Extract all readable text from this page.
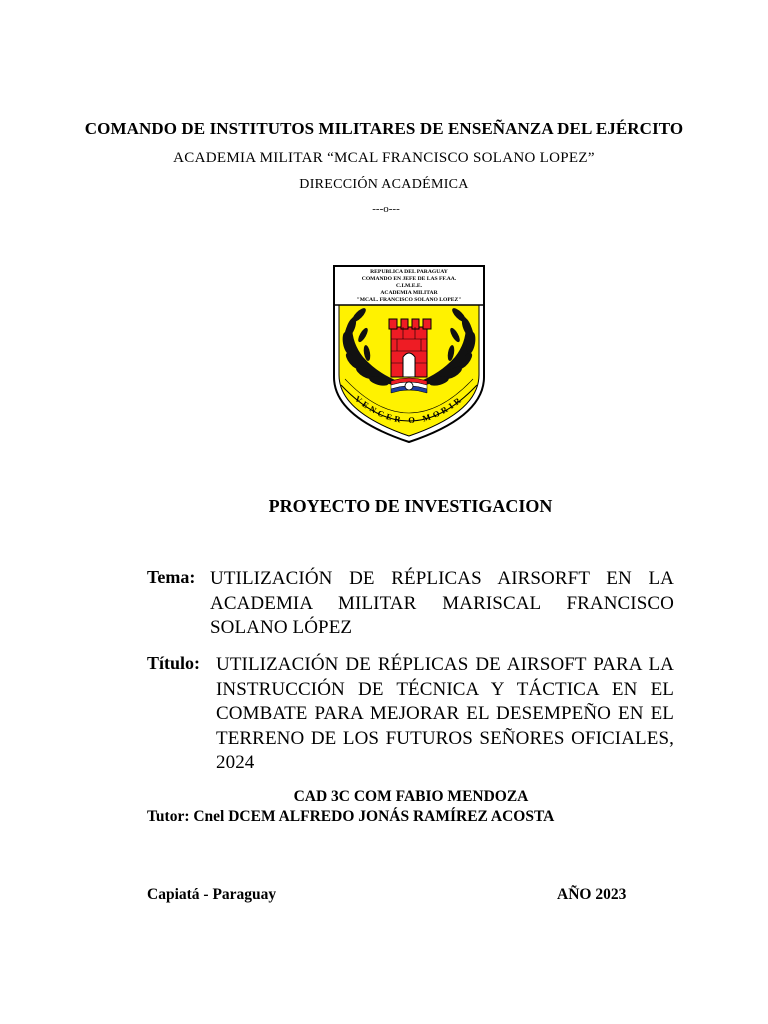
COMANDO DE INSTITUTOS MILITARES DE ENSEÑANZA DEL EJÉRCITO
ACADEMIA MILITAR “MCAL FRANCISCO SOLANO LOPEZ”
DIRECCIÓN ACADÉMICA
---o---
REPUBLICA DEL PARAGUAY
COMANDO EN JEFE DE LAS FF.AA.
C.I.M.E.E.
ACADEMIA MILITAR
"MCAL. FRANCISCO SOLANO LOPEZ"
VENCER O MORIR
PROYECTO DE INVESTIGACION
Tema: UTILIZACIÓN DE RÉPLICAS AIRSORFT EN LA ACADEMIA MILITAR MARISCAL FRANCISCO SOLANO LÓPEZ
Título: UTILIZACIÓN DE RÉPLICAS DE AIRSOFT PARA LA INSTRUCCIÓN DE TÉCNICA Y TÁCTICA EN EL COMBATE PARA MEJORAR EL DESEMPEÑO EN EL TERRENO DE LOS FUTUROS SEÑORES OFICIALES, 2024
CAD 3C COM FABIO MENDOZA
Tutor: Cnel DCEM ALFREDO JONÁS RAMÍREZ ACOSTA
Capiatá - Paraguay	AÑO 2023
